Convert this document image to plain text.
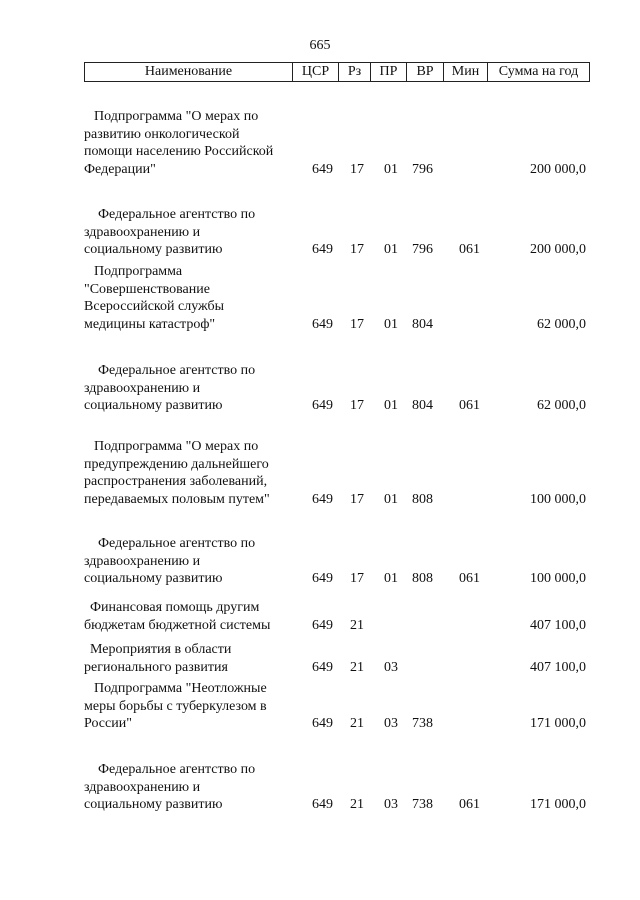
665
Наименование	ЦСР	Рз	ПР	ВР	Мин	Сумма на год
Подпрограмма "О мерах по
развитию онкологической
помощи населению Российской
Федерации"	649 17 01 796	200 000,0
Федеральное агентство по
здравоохранению и
социальному развитию	649 17 01 796 061	200 000,0
Подпрограмма
"Совершенствование
Всероссийской службы
медицины катастроф"	649 17 01 804	62 000,0
Федеральное агентство по
здравоохранению и
социальному развитию	649 17 01 804 061	62 000,0
Подпрограмма "О мерах по
предупреждению дальнейшего
распространения заболеваний,
передаваемых половым путем"	649 17 01 808	100 000,0
Федеральное агентство по
здравоохранению и
социальному развитию	649 17 01 808 061	100 000,0
Финансовая помощь другим
бюджетам бюджетной системы	649 21	407 100,0
Мероприятия в области
регионального развития	649 21 03	407 100,0
Подпрограмма "Неотложные
меры борьбы с туберкулезом в
России"	649 21 03 738	171 000,0
Федеральное агентство по
здравоохранению и
социальному развитию	649 21 03 738 061	171 000,0
